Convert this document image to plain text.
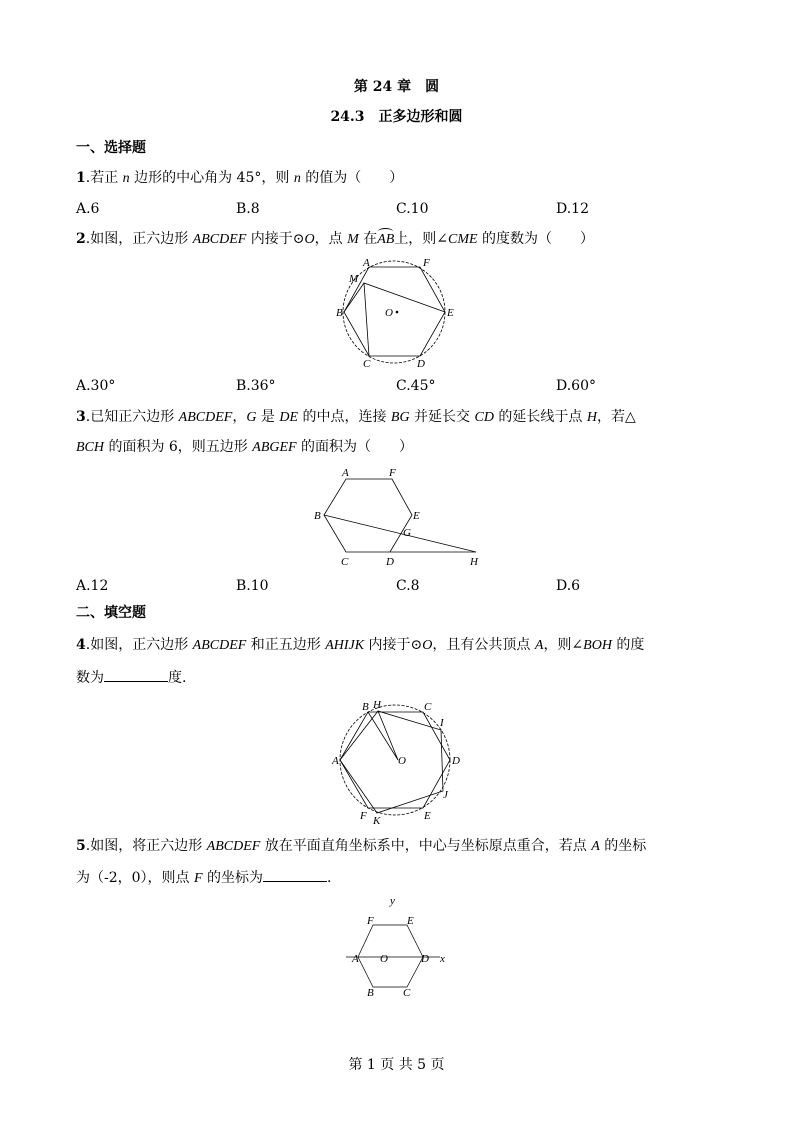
第 24 章　圆
24.3　正多边形和圆
一、选择题
1.若正 n 边形的中心角为 45°，则 n 的值为（　　）
A.6	B.8	C.10	D.12
2.如图，正六边形 ABCDEF 内接于⊙O，点 M 在AB上，则∠CME 的度数为（　　）
A	F
M
B	O	E
C	D
A.30°	B.36°	C.45°	D.60°
3.已知正六边形 ABCDEF，G 是 DE 的中点，连接 BG 并延长交 CD 的延长线于点 H，若△
BCH 的面积为 6，则五边形 ABGEF 的面积为（　　）
A	F
B	E
G
C	D	H
A.12	B.10	C.8	D.6
二、填空题
4.如图，正六边形 ABCDEF 和正五边形 AHIJK 内接于⊙O，且有公共顶点 A，则∠BOH 的度
数为	度.
B H	C
I
A	O	D
J
F K	E
5.如图，将正六边形 ABCDEF 放在平面直角坐标系中，中心与坐标原点重合，若点 A 的坐标
为（-2，0），则点 F 的坐标为	.
y
F	E
A O	D x
B	C
第 1 页 共 5 页
